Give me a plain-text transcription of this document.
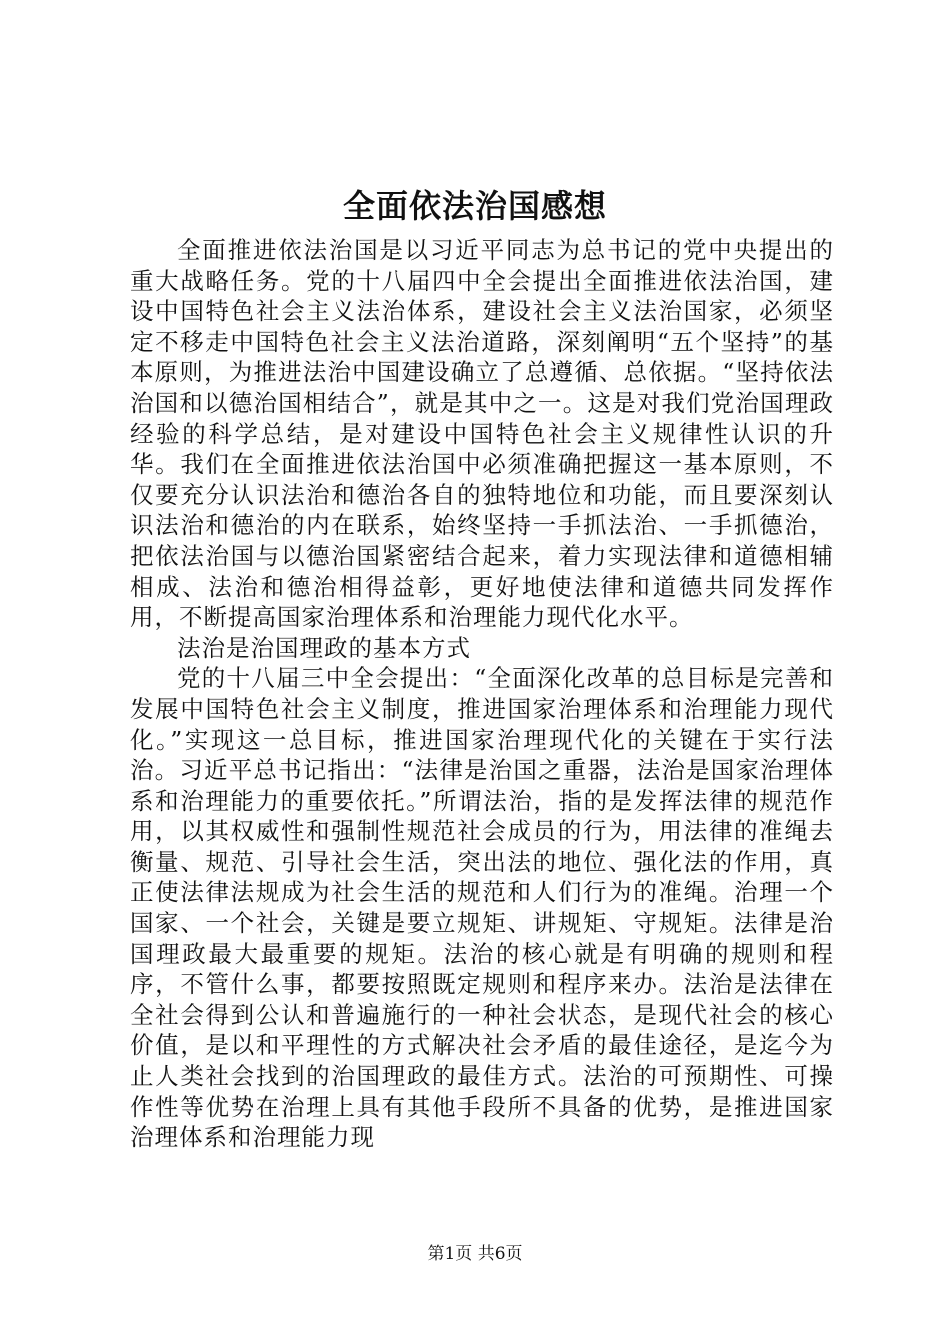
全面依法治国感想

全面推进依法治国是以习近平同志为总书记的党中央提出的重大战略任务。党的十八届四中全会提出全面推进依法治国，建设中国特色社会主义法治体系，建设社会主义法治国家，必须坚定不移走中国特色社会主义法治道路，深刻阐明“五个坚持”的基本原则，为推进法治中国建设确立了总遵循、总依据。“坚持依法治国和以德治国相结合”，就是其中之一。这是对我们党治国理政经验的科学总结，是对建设中国特色社会主义规律性认识的升华。我们在全面推进依法治国中必须准确把握这一基本原则，不仅要充分认识法治和德治各自的独特地位和功能，而且要深刻认识法治和德治的内在联系，始终坚持一手抓法治、一手抓德治，把依法治国与以德治国紧密结合起来，着力实现法律和道德相辅相成、法治和德治相得益彰，更好地使法律和道德共同发挥作用，不断提高国家治理体系和治理能力现代化水平。

法治是治国理政的基本方式

党的十八届三中全会提出：“全面深化改革的总目标是完善和发展中国特色社会主义制度，推进国家治理体系和治理能力现代化。”实现这一总目标，推进国家治理现代化的关键在于实行法治。习近平总书记指出：“法律是治国之重器，法治是国家治理体系和治理能力的重要依托。”所谓法治，指的是发挥法律的规范作用，以其权威性和强制性规范社会成员的行为，用法律的准绳去衡量、规范、引导社会生活，突出法的地位、强化法的作用，真正使法律法规成为社会生活的规范和人们行为的准绳。治理一个国家、一个社会，关键是要立规矩、讲规矩、守规矩。法律是治国理政最大最重要的规矩。法治的核心就是有明确的规则和程序，不管什么事，都要按照既定规则和程序来办。法治是法律在全社会得到公认和普遍施行的一种社会状态，是现代社会的核心价值，是以和平理性的方式解决社会矛盾的最佳途径，是迄今为止人类社会找到的治国理政的最佳方式。法治的可预期性、可操作性等优势在治理上具有其他手段所不具备的优势，是推进国家治理体系和治理能力现

第1页 共6页
